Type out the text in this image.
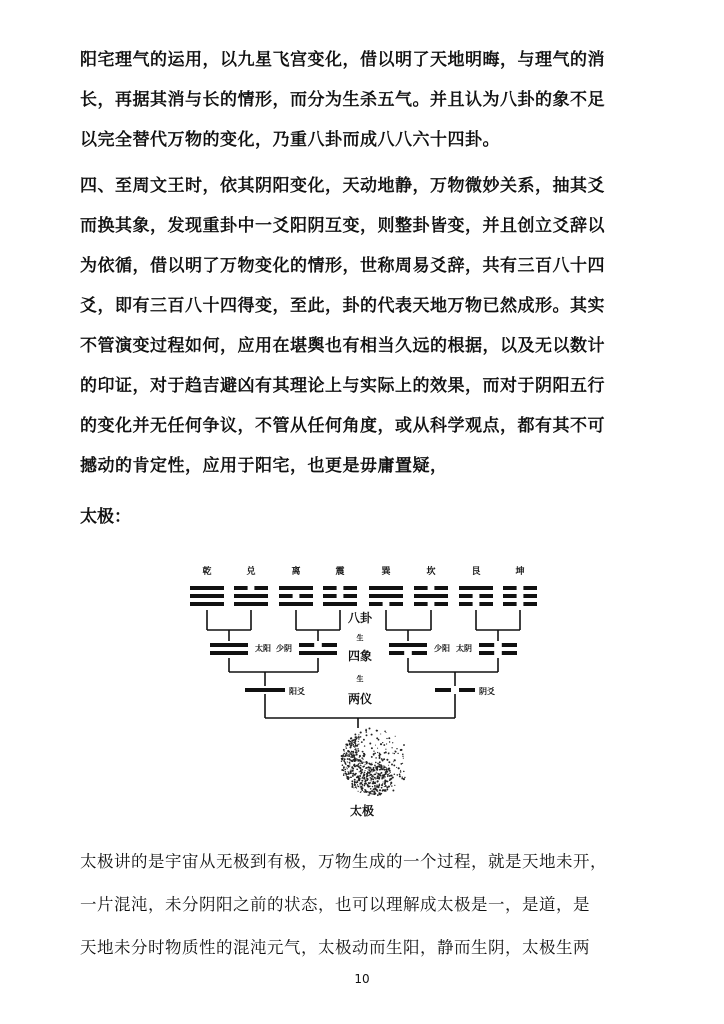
阳宅理气的运用，以九星飞宫变化，借以明了天地明晦，与理气的消

长，再据其消与长的情形，而分为生杀五气。并且认为八卦的象不足

以完全替代万物的变化，乃重八卦而成八八六十四卦。

四、至周文王时，依其阴阳变化，天动地静，万物微妙关系，抽其爻

而换其象，发现重卦中一爻阳阴互变，则整卦皆变，并且创立爻辞以

为依循，借以明了万物变化的情形，世称周易爻辞，共有三百八十四

爻，即有三百八十四得变，至此，卦的代表天地万物已然成形。其实

不管演变过程如何，应用在堪舆也有相当久远的根据，以及无以数计

的印证，对于趋吉避凶有其理论上与实际上的效果，而对于阴阳五行

的变化并无任何争议，不管从任何角度，或从科学观点，都有其不可

撼动的肯定性，应用于阳宅，也更是毋庸置疑，

太极：
乾	兑	离	震	巽	坎	艮	坤
太阳 少阴	少阳 太阴
阳爻	阴爻
八卦
生
四象
生
两仪
太极

太极讲的是宇宙从无极到有极，万物生成的一个过程，就是天地未开，

一片混沌，未分阴阳之前的状态，也可以理解成太极是一，是道，是

天地未分时物质性的混沌元气，太极动而生阳，静而生阴，太极生两

10
